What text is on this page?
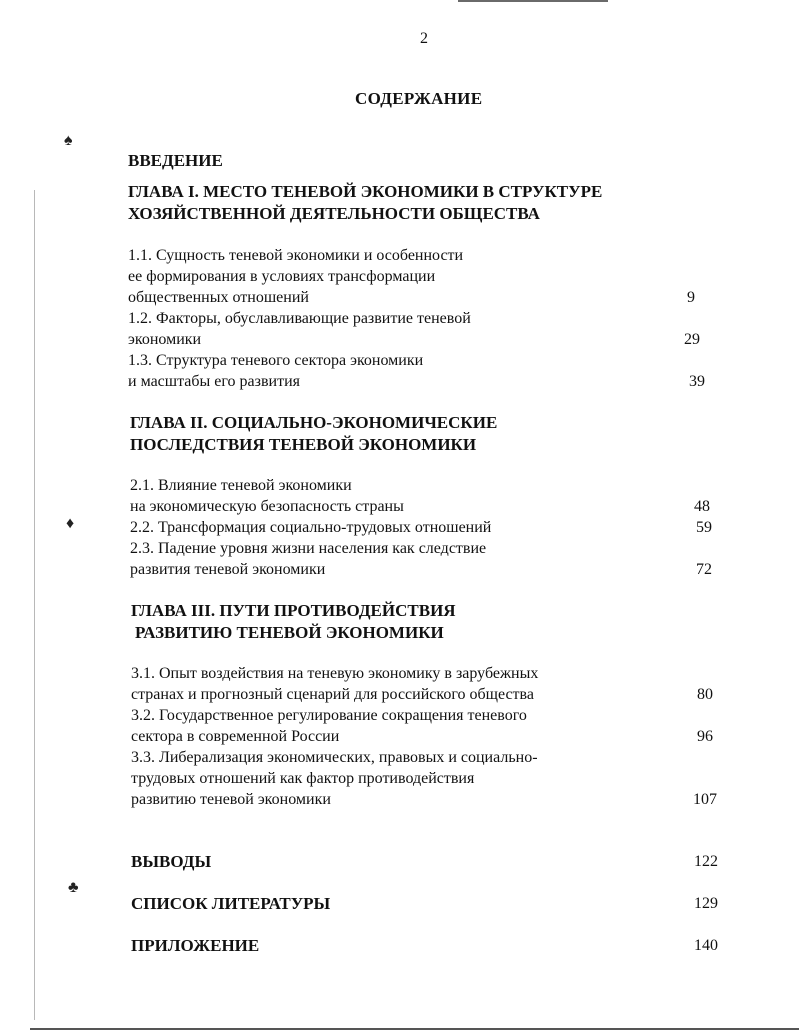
♠
♦
♣
2
СОДЕРЖАНИЕ
ВВЕДЕНИЕ
ГЛАВА I. МЕСТО ТЕНЕВОЙ ЭКОНОМИКИ В СТРУКТУРЕ
ХОЗЯЙСТВЕННОЙ ДЕЯТЕЛЬНОСТИ ОБЩЕСТВА
1.1. Сущность теневой экономики и особенности
ее формирования в условиях трансформации
общественных отношений	9
1.2. Факторы, обуславливающие развитие теневой
экономики	29
1.3. Структура теневого сектора экономики
и масштабы его развития	39
ГЛАВА II. СОЦИАЛЬНО-ЭКОНОМИЧЕСКИЕ
ПОСЛЕДСТВИЯ ТЕНЕВОЙ ЭКОНОМИКИ
2.1. Влияние теневой экономики
на экономическую безопасность страны	48
2.2. Трансформация социально-трудовых отношений	59
2.3. Падение уровня жизни населения как следствие
развития теневой экономики	72
ГЛАВА III. ПУТИ ПРОТИВОДЕЙСТВИЯ
РАЗВИТИЮ ТЕНЕВОЙ ЭКОНОМИКИ
3.1. Опыт воздействия на теневую экономику в зарубежных
странах и прогнозный сценарий для российского общества	80
3.2. Государственное регулирование сокращения теневого
сектора в современной России	96
3.3. Либерализация экономических, правовых и социально-
трудовых отношений как фактор противодействия
развитию теневой экономики	107
ВЫВОДЫ	122
СПИСОК ЛИТЕРАТУРЫ	129
ПРИЛОЖЕНИЕ	140
